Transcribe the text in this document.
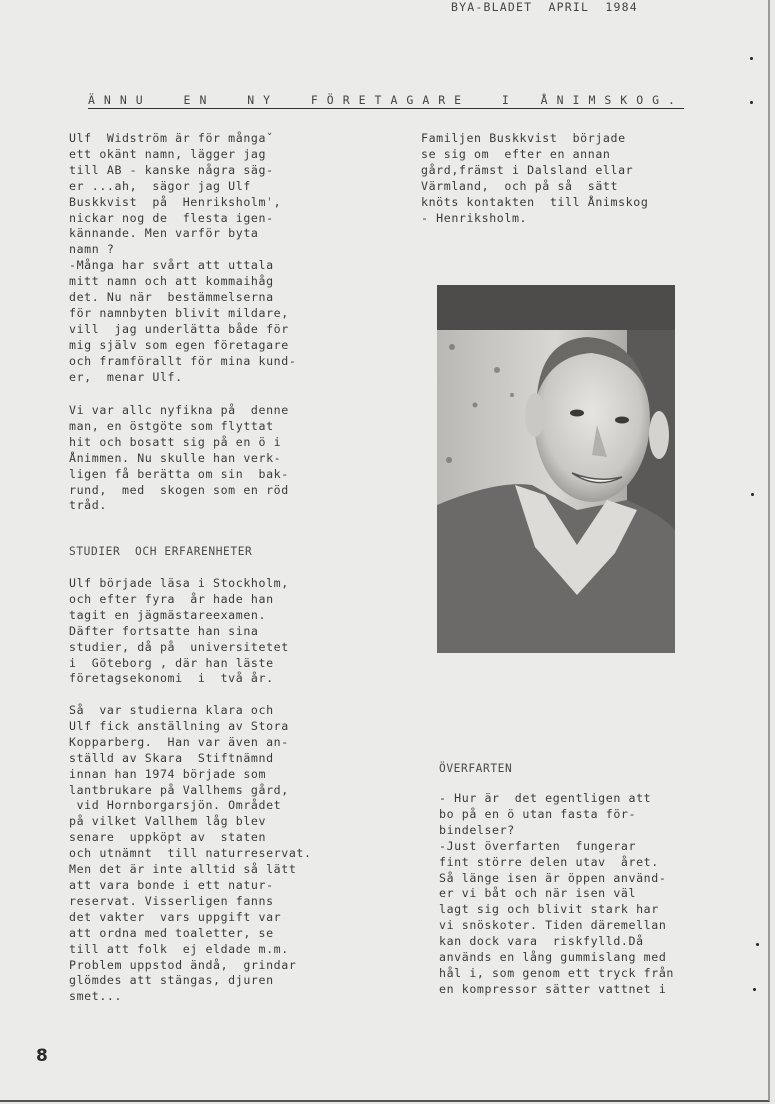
BYA-BLADET  APRIL  1984
ÄNNU	EN	NY	FÖRETAGARE	I	ÅNIMSKOG.
Ulf  Widström är för mångaˇ
ett okänt namn, lägger jag
till AB - kanske några säg-
er ...ah,  sägor jag Ulf
Buskkvist  på  Henriksholmˈ,
nickar nog de  flesta igen-
kännande. Men varför byta
namn ?
-Många har svårt att uttala
mitt namn och att kommaihåg
det. Nu när  bestämmelserna
för namnbyten blivit mildare,
vill  jag underlätta både för
mig själv som egen företagare
och framförallt för mina kund-
er,  menar Ulf.
Vi var allc nyfikna på  denne
man, en östgöte som flyttat
hit och bosatt sig på en ö i
Ånimmen. Nu skulle han verk-
ligen få berätta om sin  bak-
rund,  med  skogen som en röd
tråd.
STUDIER  OCH ERFARENHETER
Ulf började läsa i Stockholm,
och efter fyra  år hade han
tagit en jägmästareexamen.
Däfter fortsatte han sina
studier, då på  universitetet
i  Göteborg , där han läste
företagsekonomi  i  två år.
Så  var studierna klara och
Ulf fick anställning av Stora
Kopparberg.  Han var även an-
ställd av Skara  Stiftnämnd
innan han 1974 började som
lantbrukare på Vallhems gård,
vid Hornborgarsjön. Området
på vilket Vallhem låg blev
senare  uppköpt av  staten
och utnämnt  till naturreservat.
Men det är inte alltid så lätt
att vara bonde i ett natur-
reservat. Visserligen fanns
det vakter  vars uppgift var
att ordna med toaletter, se
till att folk  ej eldade m.m.
Problem uppstod ändå,  grindar
glömdes att stängas, djuren
smet...
Familjen Buskkvist  började
se sig om  efter en annan
gård,främst i Dalsland ellar
Värmland,  och på så  sätt
knöts kontakten  till Ånimskog
- Henriksholm.
ÖVERFARTEN
- Hur är  det egentligen att
bo på en ö utan fasta för-
bindelser?
-Just överfarten  fungerar
fint större delen utav  året.
Så länge isen är öppen använd-
er vi båt och när isen väl
lagt sig och blivit stark har
vi snöskoter. Tiden däremellan
kan dock vara  riskfylld.Då
används en lång gummislang med
hål i, som genom ett tryck från
en kompressor sätter vattnet i
8
